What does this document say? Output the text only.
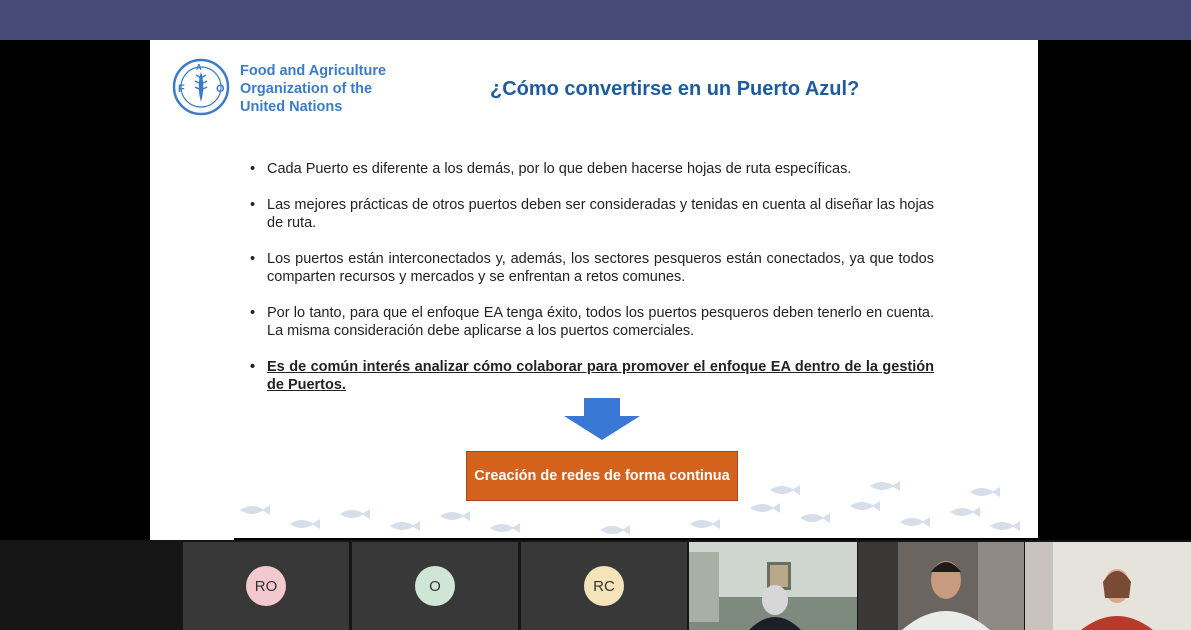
F
A
O
Food and Agriculture
Organization of the
United Nations
¿Cómo convertirse en un Puerto Azul?
• Cada Puerto es diferente a los demás, por lo que deben hacerse hojas de ruta específicas.
• Las mejores prácticas de otros puertos deben ser consideradas y tenidas en cuenta al diseñar las hojas de ruta.
• Los puertos están interconectados y, además, los sectores pesqueros están conectados, ya que todos comparten recursos y mercados y se enfrentan a retos comunes.
• Por lo tanto, para que el enfoque EA tenga éxito, todos los puertos pesqueros deben tenerlo en cuenta. La misma consideración debe aplicarse a los puertos comerciales.
• Es de común interés analizar cómo colaborar para promover el enfoque EA dentro de la gestión de Puertos.
Creación de redes de forma continua
RO	O	RC
